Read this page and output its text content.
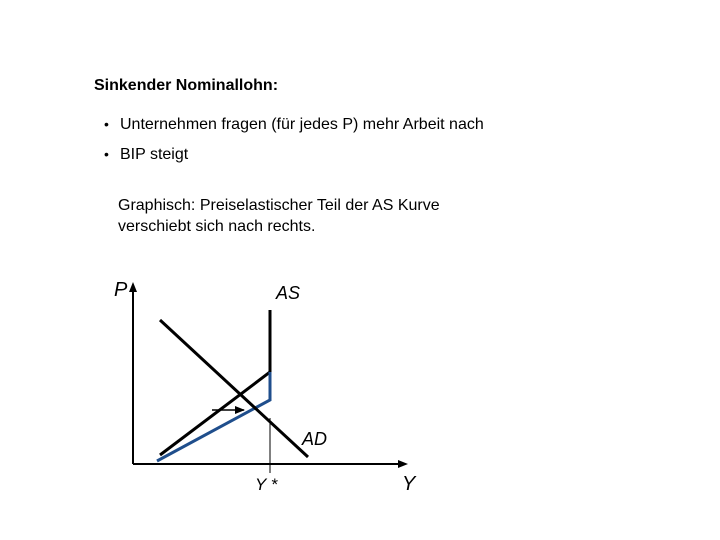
Sinkender Nominallohn:
• Unternehmen fragen (für jedes P) mehr Arbeit nach
• BIP steigt
Graphisch: Preiselastischer Teil der AS Kurve
verschiebt sich nach rechts.
P	AS
AD
Y *	Y
